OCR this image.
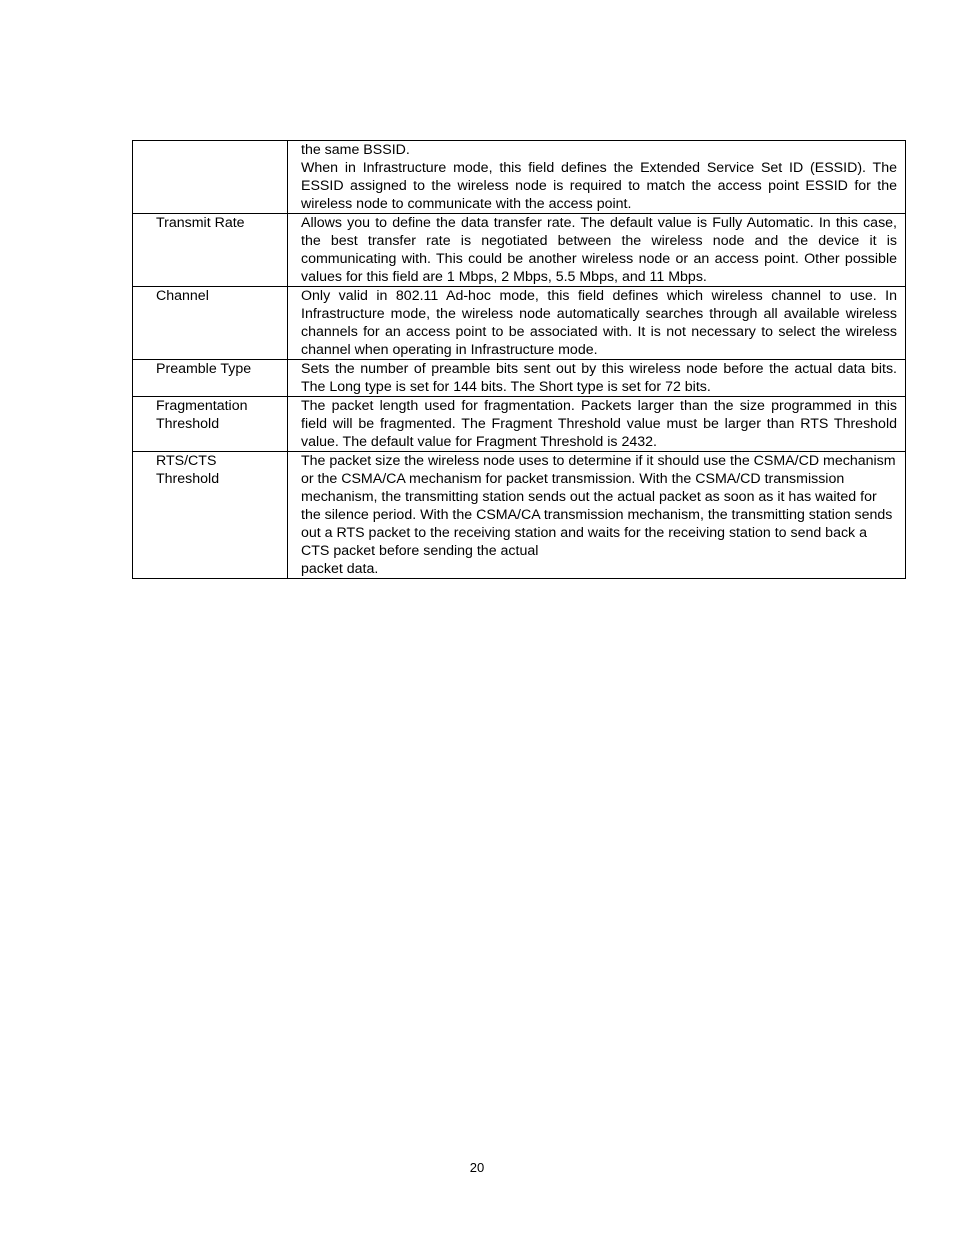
	the same BSSID.
When in Infrastructure mode, this field defines the Extended Service Set ID (ESSID). The ESSID assigned to the wireless node is required to match the access point ESSID for the wireless node to communicate with the access point.

Transmit Rate	Allows you to define the data transfer rate. The default value is Fully Automatic. In this case, the best transfer rate is negotiated between the wireless node and the device it is communicating with. This could be another wireless node or an access point. Other possible values for this field are 1 Mbps, 2 Mbps, 5.5 Mbps, and 11 Mbps.

Channel	Only valid in 802.11 Ad-hoc mode, this field defines which wireless channel to use. In Infrastructure mode, the wireless node automatically searches through all available wireless channels for an access point to be associated with. It is not necessary to select the wireless channel when operating in Infrastructure mode.

Preamble Type	Sets the number of preamble bits sent out by this wireless node before the actual data bits. The Long type is set for 144 bits. The Short type is set for 72 bits.

Fragmentation
Threshold	The packet length used for fragmentation. Packets larger than the size programmed in this field will be fragmented. The Fragment Threshold value must be larger than RTS Threshold value. The default value for Fragment Threshold is 2432.

RTS/CTS
Threshold	The packet size the wireless node uses to determine if it should use the CSMA/CD mechanism or the CSMA/CA mechanism for packet transmission. With the CSMA/CD transmission mechanism, the transmitting station sends out the actual packet as soon as it has waited for the silence period. With the CSMA/CA transmission mechanism, the transmitting station sends out a RTS packet to the receiving station and waits for the receiving station to send back a CTS packet before sending the actual
packet data.
20
